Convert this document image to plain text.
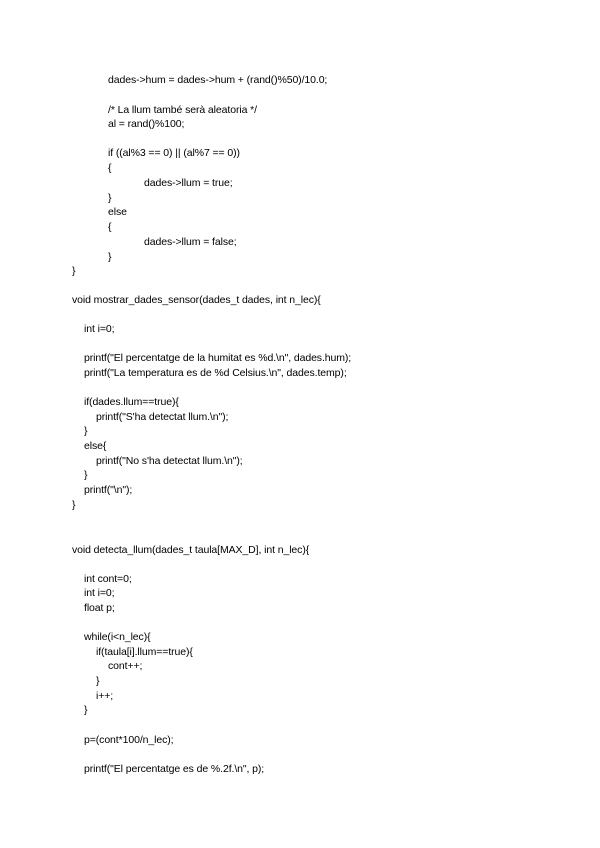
dades->hum = dades->hum + (rand()%50)/10.0;
/* La llum també serà aleatoria */
al = rand()%100;
if ((al%3 == 0) || (al%7 == 0))
{
dades->llum = true;
}
else
{
dades->llum = false;
}
}
void mostrar_dades_sensor(dades_t dades, int n_lec){
int i=0;
printf("El percentatge de la humitat es %d.\n", dades.hum);
printf("La temperatura es de %d Celsius.\n", dades.temp);
if(dades.llum==true){
printf("S'ha detectat llum.\n");
}
else{
printf("No s'ha detectat llum.\n");
}
printf("\n");
}
void detecta_llum(dades_t taula[MAX_D], int n_lec){
int cont=0;
int i=0;
float p;
while(i<n_lec){
if(taula[i].llum==true){
cont++;
}
i++;
}
p=(cont*100/n_lec);
printf("El percentatge es de %.2f.\n", p);
